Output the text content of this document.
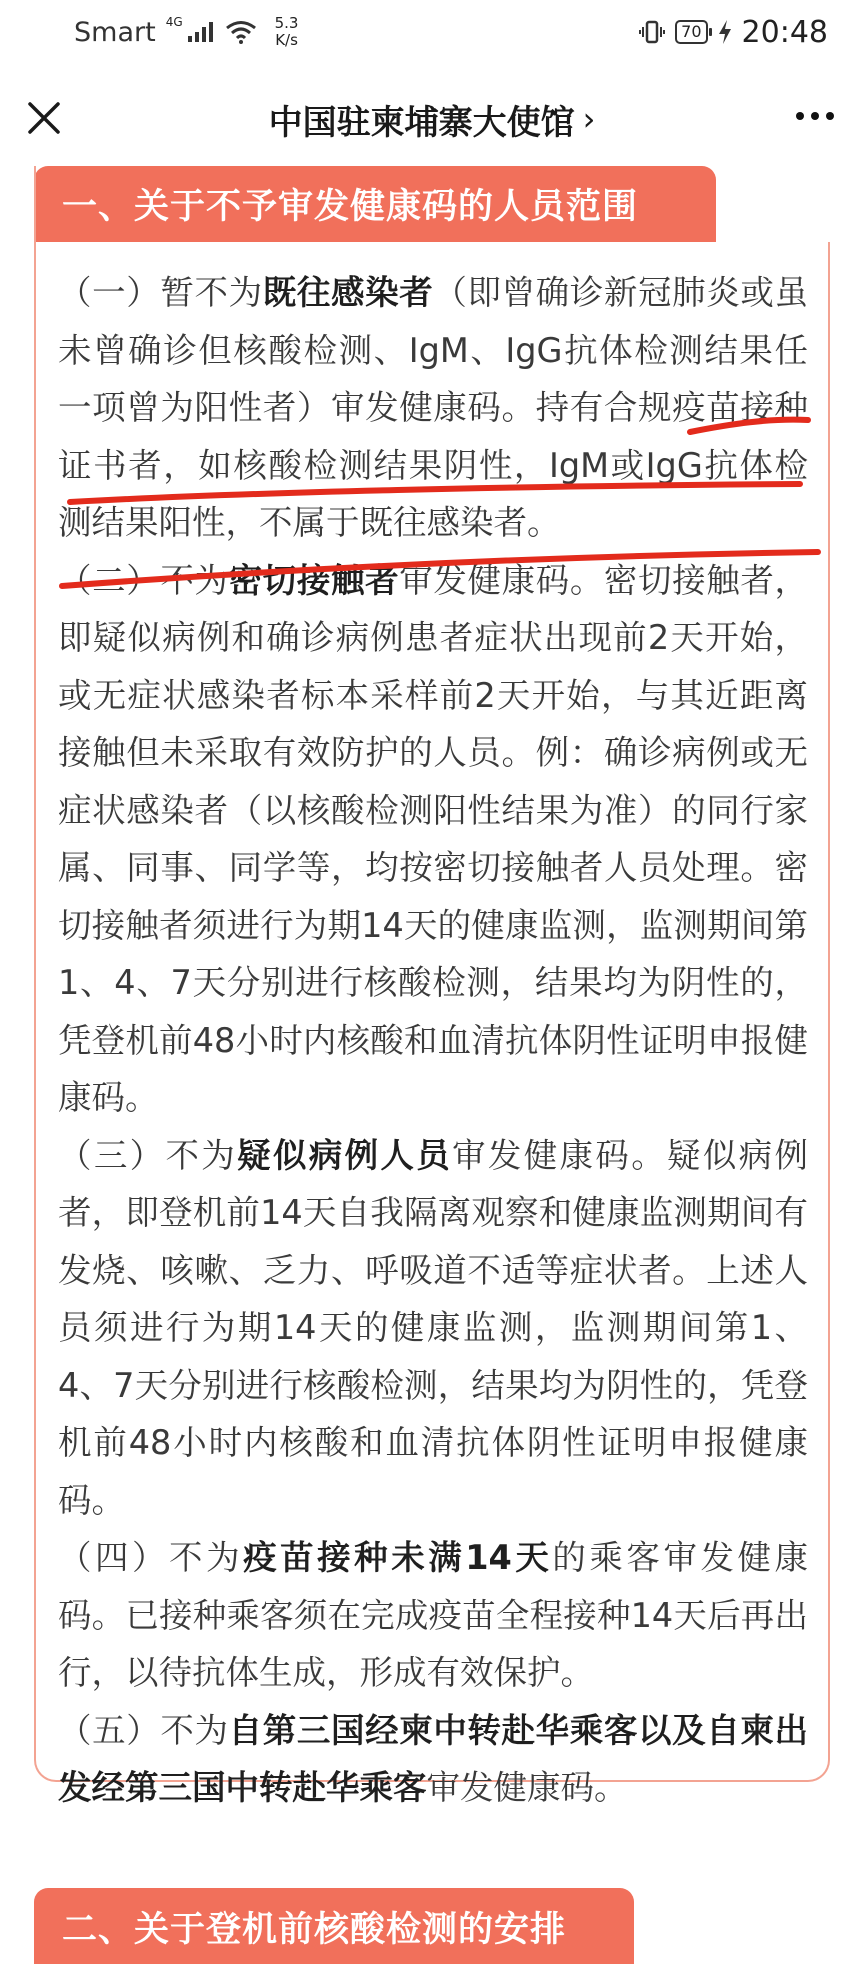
Smart 4G	5.3
K/s	70 20:48
中国驻柬埔寨大使馆 ›
一、关于不予审发健康码的人员范围

（一）暂不为既往感染者（即曾确诊新冠肺炎或虽未曾确诊但核酸检测、IgM、IgG抗体检测结果任一项曾为阳性者）审发健康码。持有合规疫苗接种证书者，如核酸检测结果阴性，IgM或IgG抗体检测结果阳性，不属于既往感染者。

（二）不为密切接触者审发健康码。密切接触者，即疑似病例和确诊病例患者症状出现前2天开始，或无症状感染者标本采样前2天开始，与其近距离接触但未采取有效防护的人员。例：确诊病例或无症状感染者（以核酸检测阳性结果为准）的同行家属、同事、同学等，均按密切接触者人员处理。密切接触者须进行为期14天的健康监测，监测期间第1、4、7天分别进行核酸检测，结果均为阴性的，凭登机前48小时内核酸和血清抗体阴性证明申报健康码。

（三）不为疑似病例人员审发健康码。疑似病例者，即登机前14天自我隔离观察和健康监测期间有发烧、咳嗽、乏力、呼吸道不适等症状者。上述人员须进行为期14天的健康监测，监测期间第1、4、7天分别进行核酸检测，结果均为阴性的，凭登机前48小时内核酸和血清抗体阴性证明申报健康码。

（四）不为疫苗接种未满14天的乘客审发健康码。已接种乘客须在完成疫苗全程接种14天后再出行，以待抗体生成，形成有效保护。

（五）不为自第三国经柬中转赴华乘客以及自柬出发经第三国中转赴华乘客审发健康码。

二、关于登机前核酸检测的安排
